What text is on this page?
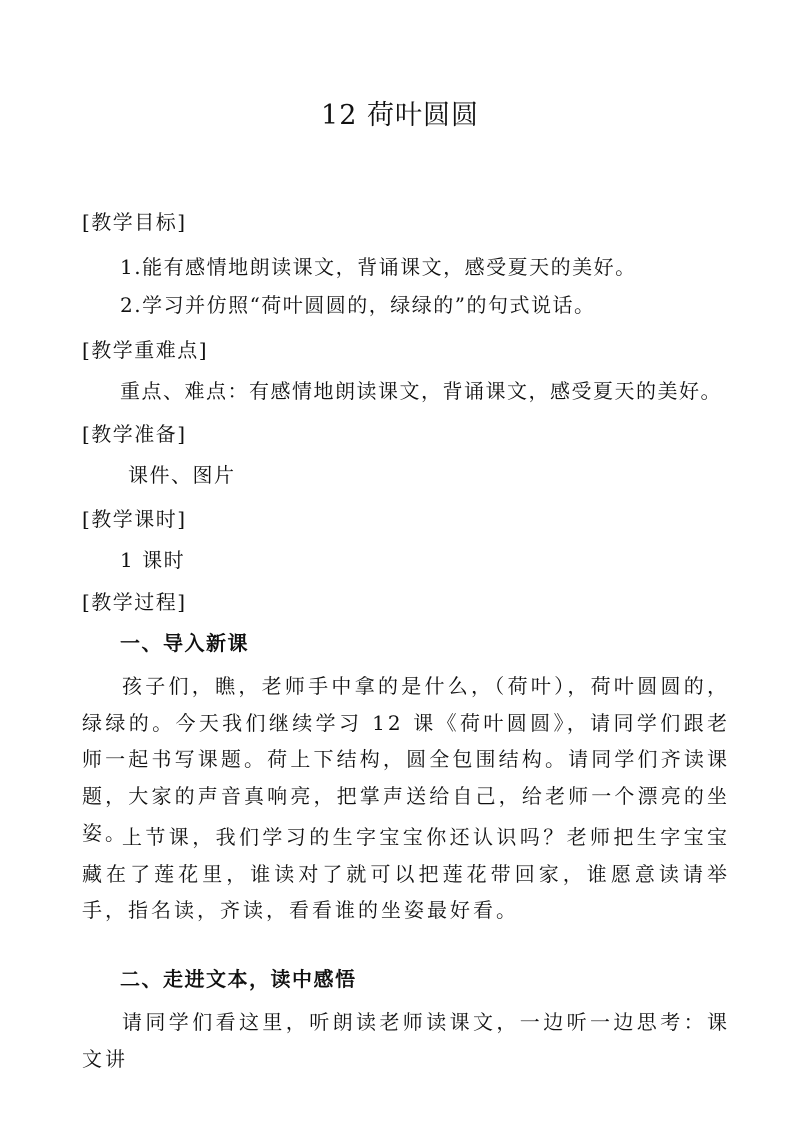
12 荷叶圆圆
[教学目标]
1.能有感情地朗读课文，背诵课文，感受夏天的美好。
2.学习并仿照“荷叶圆圆的，绿绿的”的句式说话。
[教学重难点]
重点、难点：有感情地朗读课文，背诵课文，感受夏天的美好。
[教学准备]
课件、图片
[教学课时]
1 课时
[教学过程]
一、导入新课
孩子们，瞧，老师手中拿的是什么，（荷叶），荷叶圆圆的，绿绿的。今天我们继续学习 12 课《荷叶圆圆》，请同学们跟老师一起书写课题。荷上下结构，圆全包围结构。请同学们齐读课题，大家的声音真响亮，把掌声送给自己，给老师一个漂亮的坐姿。
上节课，我们学习的生字宝宝你还认识吗？老师把生字宝宝藏在了莲花里，谁读对了就可以把莲花带回家，谁愿意读请举手，指名读，齐读，看看谁的坐姿最好看。
二、走进文本，读中感悟
请同学们看这里，听朗读老师读课文，一边听一边思考：课文讲
